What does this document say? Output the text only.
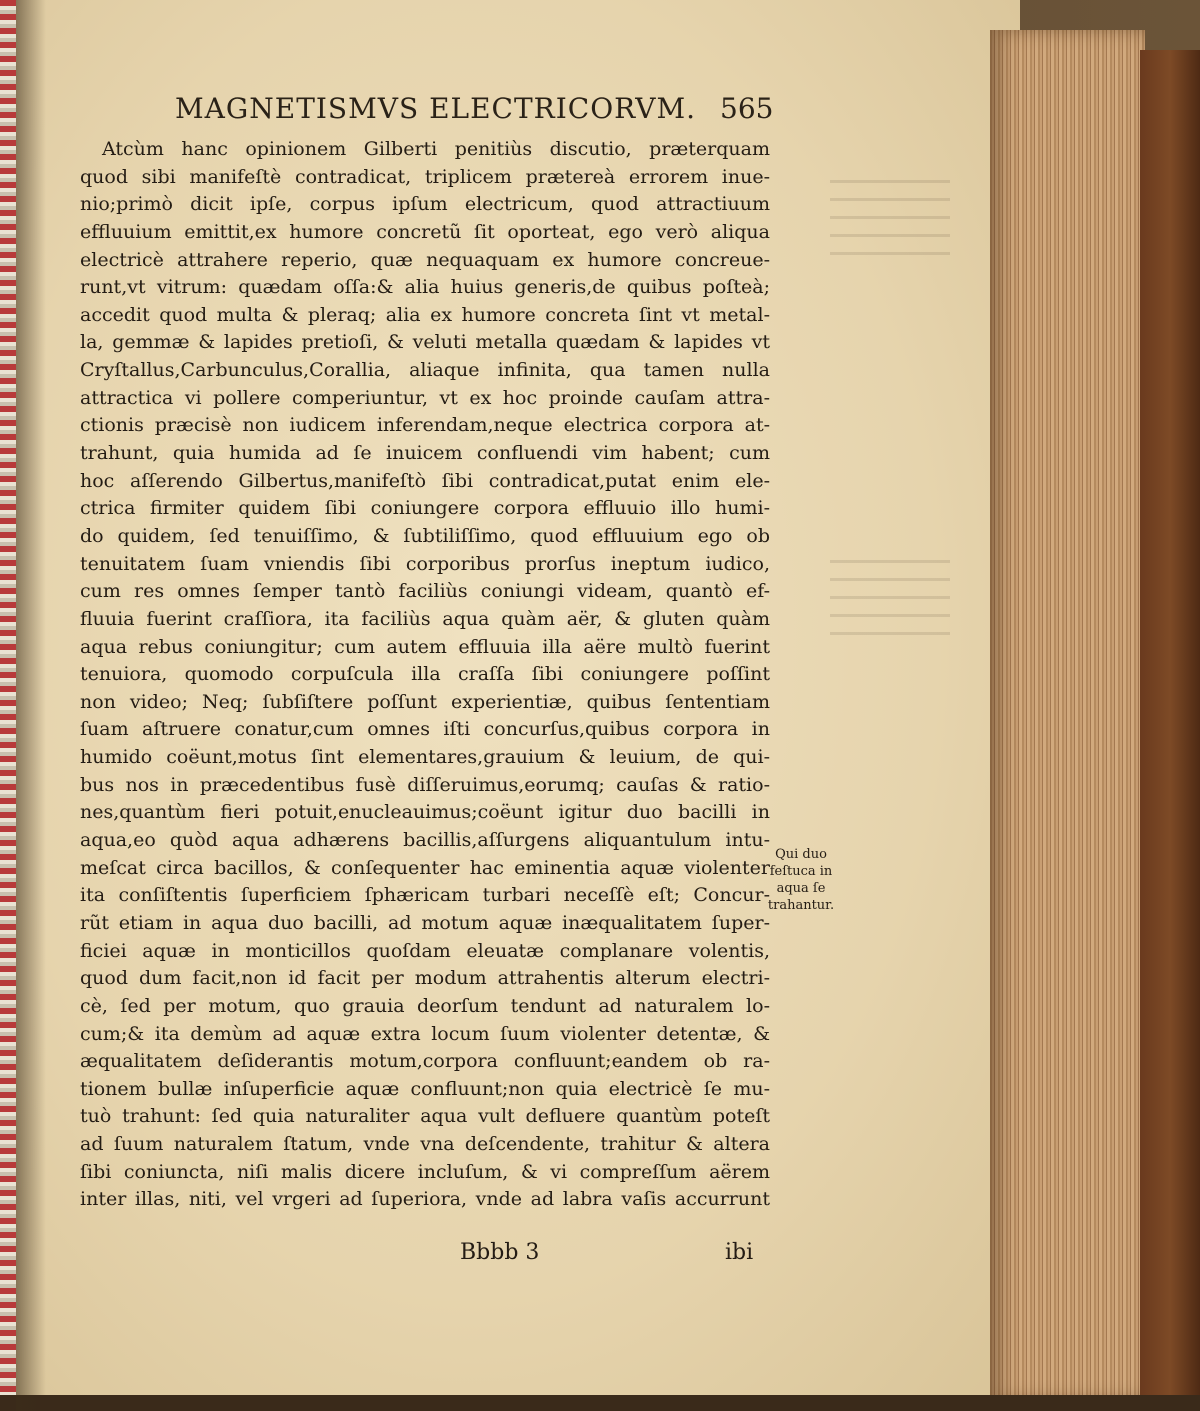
MAGNETISMVS ELECTRICORVM. 565
Atcùm hanc opinionem Gilberti penitiùs discutio, præterquam
quod sibi manifeſtè contradicat, triplicem prætereà errorem inue-
nio;primò dicit ipſe, corpus ipſum electricum, quod attractiuum
effluuium emittit,ex humore concretũ ſit oporteat, ego verò aliqua
electricè attrahere reperio, quæ nequaquam ex humore concreue-
runt,vt vitrum: quædam oſſa:& alia huius generis,de quibus poſteà;
accedit quod multa & pleraq; alia ex humore concreta ſint vt metal-
la, gemmæ & lapides pretioſi, & veluti metalla quædam & lapides vt
Cryſtallus,Carbunculus,Corallia, aliaque infinita, qua tamen nulla
attractica vi pollere comperiuntur, vt ex hoc proinde cauſam attra-
ctionis præcisè non iudicem inferendam,neque electrica corpora at-
trahunt, quia humida ad ſe inuicem confluendi vim habent; cum
hoc aſſerendo Gilbertus,manifeſtò ſibi contradicat,putat enim ele-
ctrica firmiter quidem ſibi coniungere corpora effluuio illo humi-
do quidem, ſed tenuiſſimo, & ſubtiliſſimo, quod effluuium ego ob
tenuitatem ſuam vniendis ſibi corporibus prorſus ineptum iudico,
cum res omnes ſemper tantò faciliùs coniungi videam, quantò ef-
fluuia fuerint craſſiora, ita faciliùs aqua quàm aër, & gluten quàm
aqua rebus coniungitur; cum autem effluuia illa aëre multò fuerint
tenuiora, quomodo corpuſcula illa craſſa ſibi coniungere poſſint
non video; Neq; ſubſiſtere poſſunt experientiæ, quibus ſententiam
ſuam aſtruere conatur,cum omnes iſti concurſus,quibus corpora in
humido coëunt,motus ſint elementares,grauium & leuium, de qui-
bus nos in præcedentibus fusè diſſeruimus,eorumq; cauſas & ratio-
nes,quantùm fieri potuit,enucleauimus;coëunt igitur duo bacilli in
aqua,eo quòd aqua adhærens bacillis,aſſurgens aliquantulum intu-
meſcat circa bacillos, & conſequenter hac eminentia aquæ violenter
ita conſiſtentis ſuperficiem ſphæricam turbari neceſſè eſt; Concur-
rũt etiam in aqua duo bacilli, ad motum aquæ inæqualitatem ſuper-
ficiei aquæ in monticillos quoſdam eleuatæ complanare volentis,
quod dum facit,non id facit per modum attrahentis alterum electri-
cè, ſed per motum, quo grauia deorſum tendunt ad naturalem lo-
cum;& ita demùm ad aquæ extra locum ſuum violenter detentæ, &
æqualitatem deſiderantis motum,corpora confluunt;eandem ob ra-
tionem bullæ inſuperficie aquæ confluunt;non quia electricè ſe mu-
tuò trahunt: ſed quia naturaliter aqua vult defluere quantùm poteſt
ad ſuum naturalem ſtatum, vnde vna deſcendente, trahitur & altera
ſibi coniuncta, niſi malis dicere incluſum, & vi compreſſum aërem
inter illas, niti, vel vrgeri ad ſuperiora, vnde ad labra vaſis accurrunt
Qui duo
feſtuca in
aqua ſe
trahantur.
Bbbb 3	ibi
